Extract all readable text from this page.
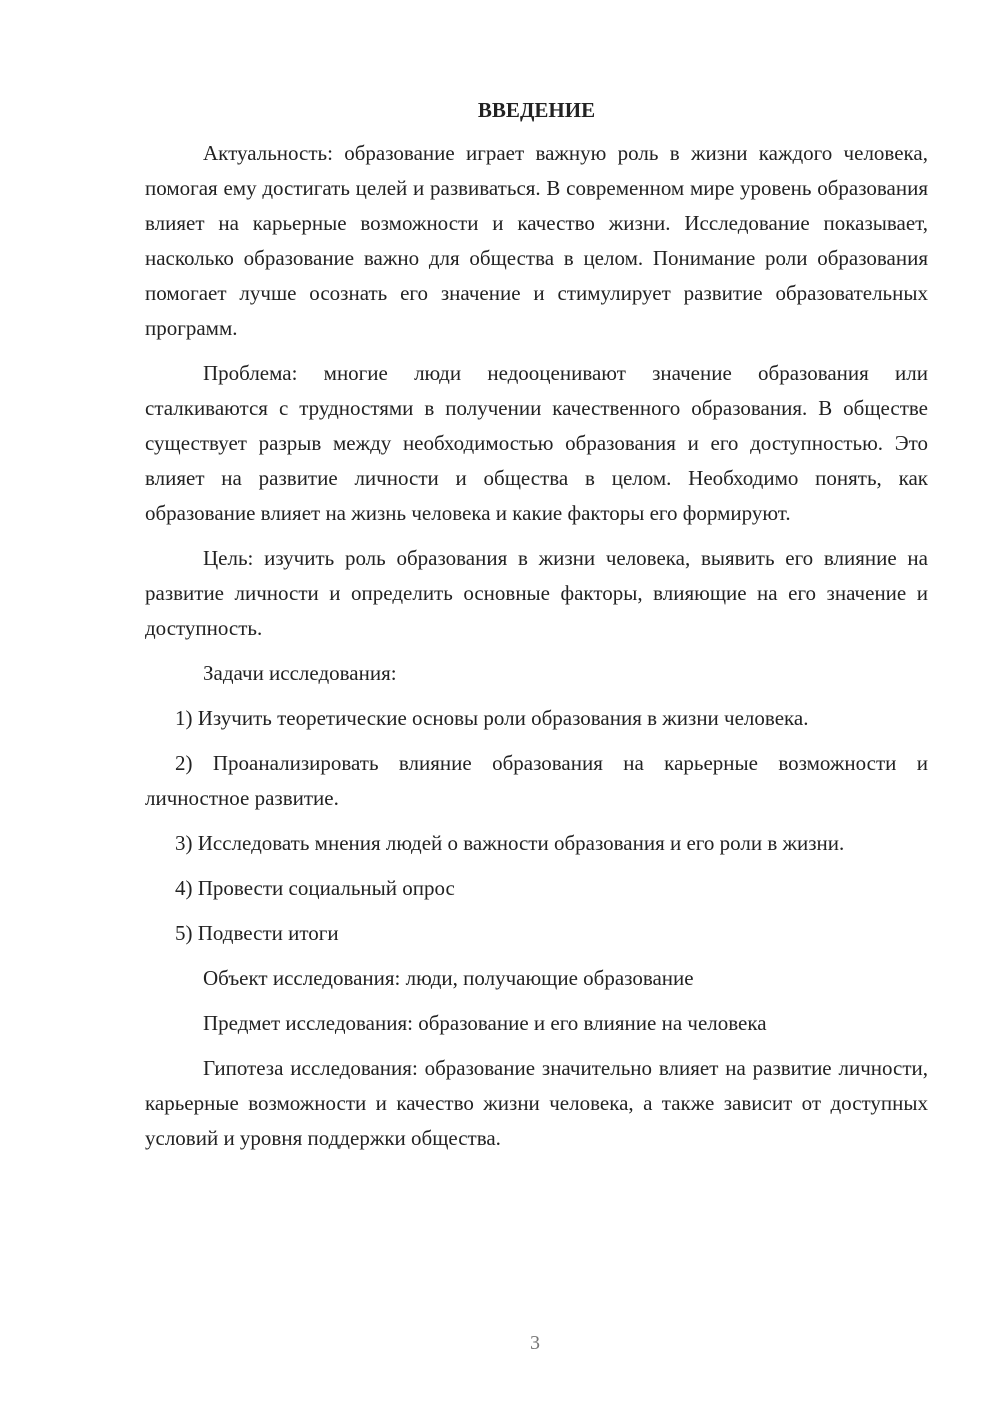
ВВЕДЕНИЕ
Актуальность: образование играет важную роль в жизни каждого человека, помогая ему достигать целей и развиваться. В современном мире уровень образования влияет на карьерные возможности и качество жизни. Исследование показывает, насколько образование важно для общества в целом. Понимание роли образования помогает лучше осознать его значение и стимулирует развитие образовательных программ.
Проблема: многие люди недооценивают значение образования или сталкиваются с трудностями в получении качественного образования. В обществе существует разрыв между необходимостью образования и его доступностью. Это влияет на развитие личности и общества в целом. Необходимо понять, как образование влияет на жизнь человека и какие факторы его формируют.
Цель: изучить роль образования в жизни человека, выявить его влияние на развитие личности и определить основные факторы, влияющие на его значение и доступность.
Задачи исследования:
1) Изучить теоретические основы роли образования в жизни человека.
2) Проанализировать влияние образования на карьерные возможности и личностное развитие.
3) Исследовать мнения людей о важности образования и его роли в жизни.
4) Провести социальный опрос
5) Подвести итоги
Объект исследования: люди, получающие образование
Предмет исследования: образование и его влияние на человека
Гипотеза исследования: образование значительно влияет на развитие личности, карьерные возможности и качество жизни человека, а также зависит от доступных условий и уровня поддержки общества.
3
